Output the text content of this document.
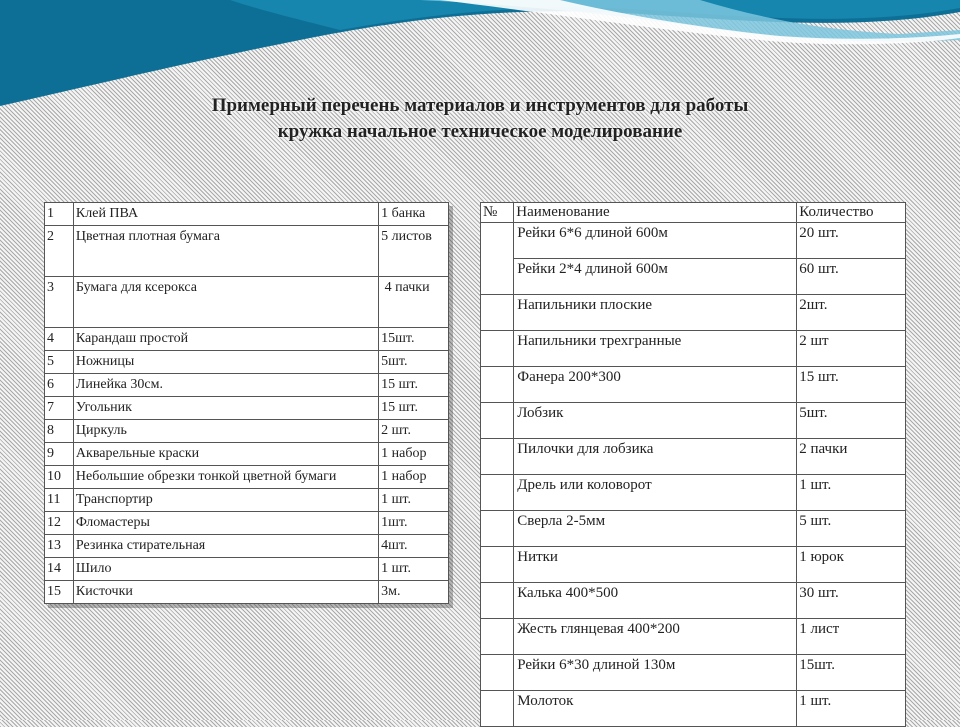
Примерный перечень материалов и инструментов для работы
кружка начальное техническое моделирование
1	Клей ПВА	1 банка
2	Цветная плотная бумага	5 листов
3	Бумага для ксерокса	4 пачки
4	Карандаш простой	15шт.
5	Ножницы	5шт.
6	Линейка 30см.	15 шт.
7	Угольник	15 шт.
8	Циркуль	2 шт.
9	Акварельные краски	1 набор
10	Небольшие обрезки тонкой цветной бумаги	1 набор
11	Транспортир	1 шт.
12	Фломастеры	1шт.
13	Резинка стирательная	4шт.
14	Шило	1 шт.
15	Кисточки	3м.
№	Наименование	Количество
	Рейки 6*6 длиной 600м	20 шт.
	Рейки 2*4 длиной 600м	60 шт.
	Напильники плоские	2шт.
	Напильники трехгранные	2 шт
	Фанера 200*300	15 шт.
	Лобзик	5шт.
	Пилочки для лобзика	2 пачки
	Дрель или коловорот	1 шт.
	Сверла 2-5мм	5 шт.
	Нитки	1 юрок
	Калька 400*500	30 шт.
	Жесть глянцевая 400*200	1 лист
	Рейки 6*30 длиной 130м	15шт.
	Молоток	1 шт.
